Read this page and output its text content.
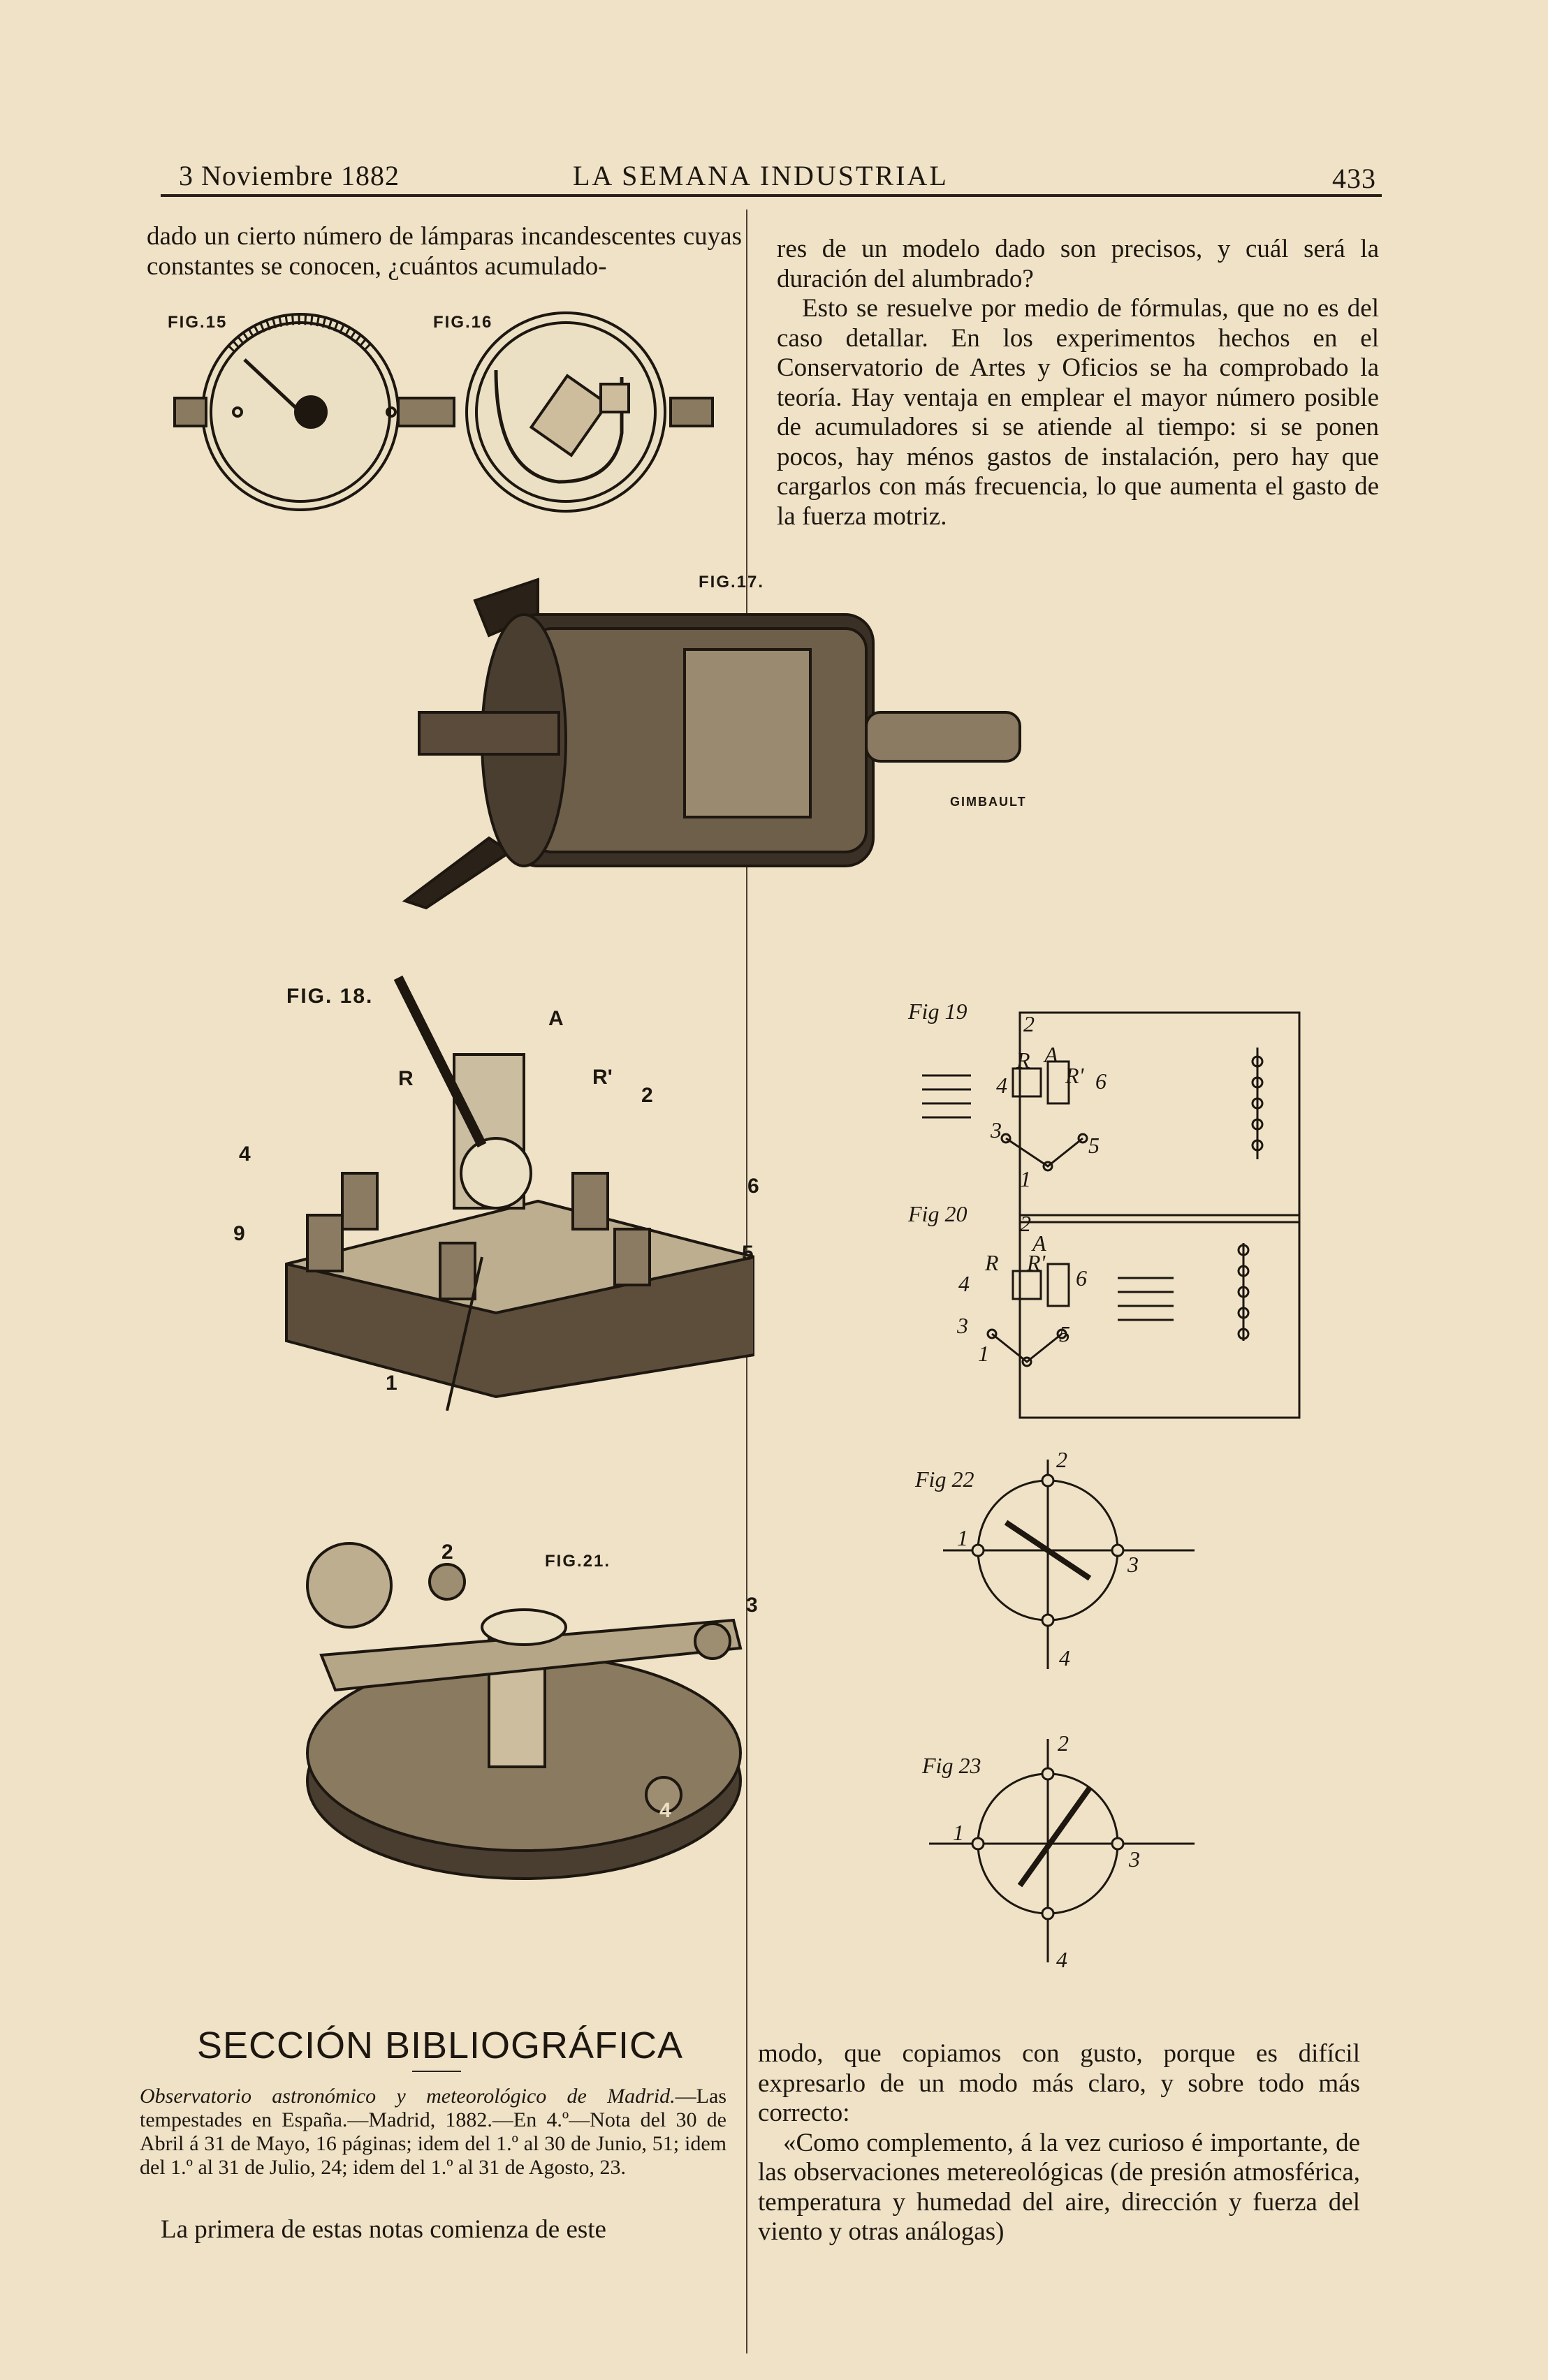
3 Noviembre 1882	LA SEMANA INDUSTRIAL	433

dado un cierto número de lámparas incandescentes cuyas constantes se conocen, ¿cuántos acumulado-

res de un modelo dado son precisos, y cuál será la duración del alumbrado?

Esto se resuelve por medio de fórmulas, que no es del caso detallar. En los experimentos hechos en el Conservatorio de Artes y Oficios se ha comprobado la teoría. Hay ventaja en emplear el mayor número posible de acumuladores si se atiende al tiempo: si se ponen pocos, hay ménos gastos de instalación, pero hay que cargarlos con más frecuencia, lo que aumenta el gasto de la fuerza motriz.

FIG.15	FIG.16
FIG.17.
GIMBAULT
FIG. 18.
R
A
R'
2
4
9
6
5
1
FIG.21.
2
3
4
Fig 19	2
R A
R' 6
4
3
5
1
Fig 20 2
A
R R'
6
4
3	5
1
Fig 22
2
1
3
4
Fig 23
2
1
3
4
SECCIÓN BIBLIOGRÁFICA
Observatorio astronómico y meteorológico de Madrid.—Las tempestades en España.—Madrid, 1882.—En 4.º—Nota del 30 de Abril á 31 de Mayo, 16 páginas; idem del 1.º al 30 de Junio, 51; idem del 1.º al 31 de Julio, 24; idem del 1.º al 31 de Agosto, 23.

La primera de estas notas comienza de este

modo, que copiamos con gusto, porque es difícil expresarlo de un modo más claro, y sobre todo más correcto:

«Como complemento, á la vez curioso é importante, de las observaciones metereológicas (de presión atmosférica, temperatura y humedad del aire, dirección y fuerza del viento y otras análogas)
